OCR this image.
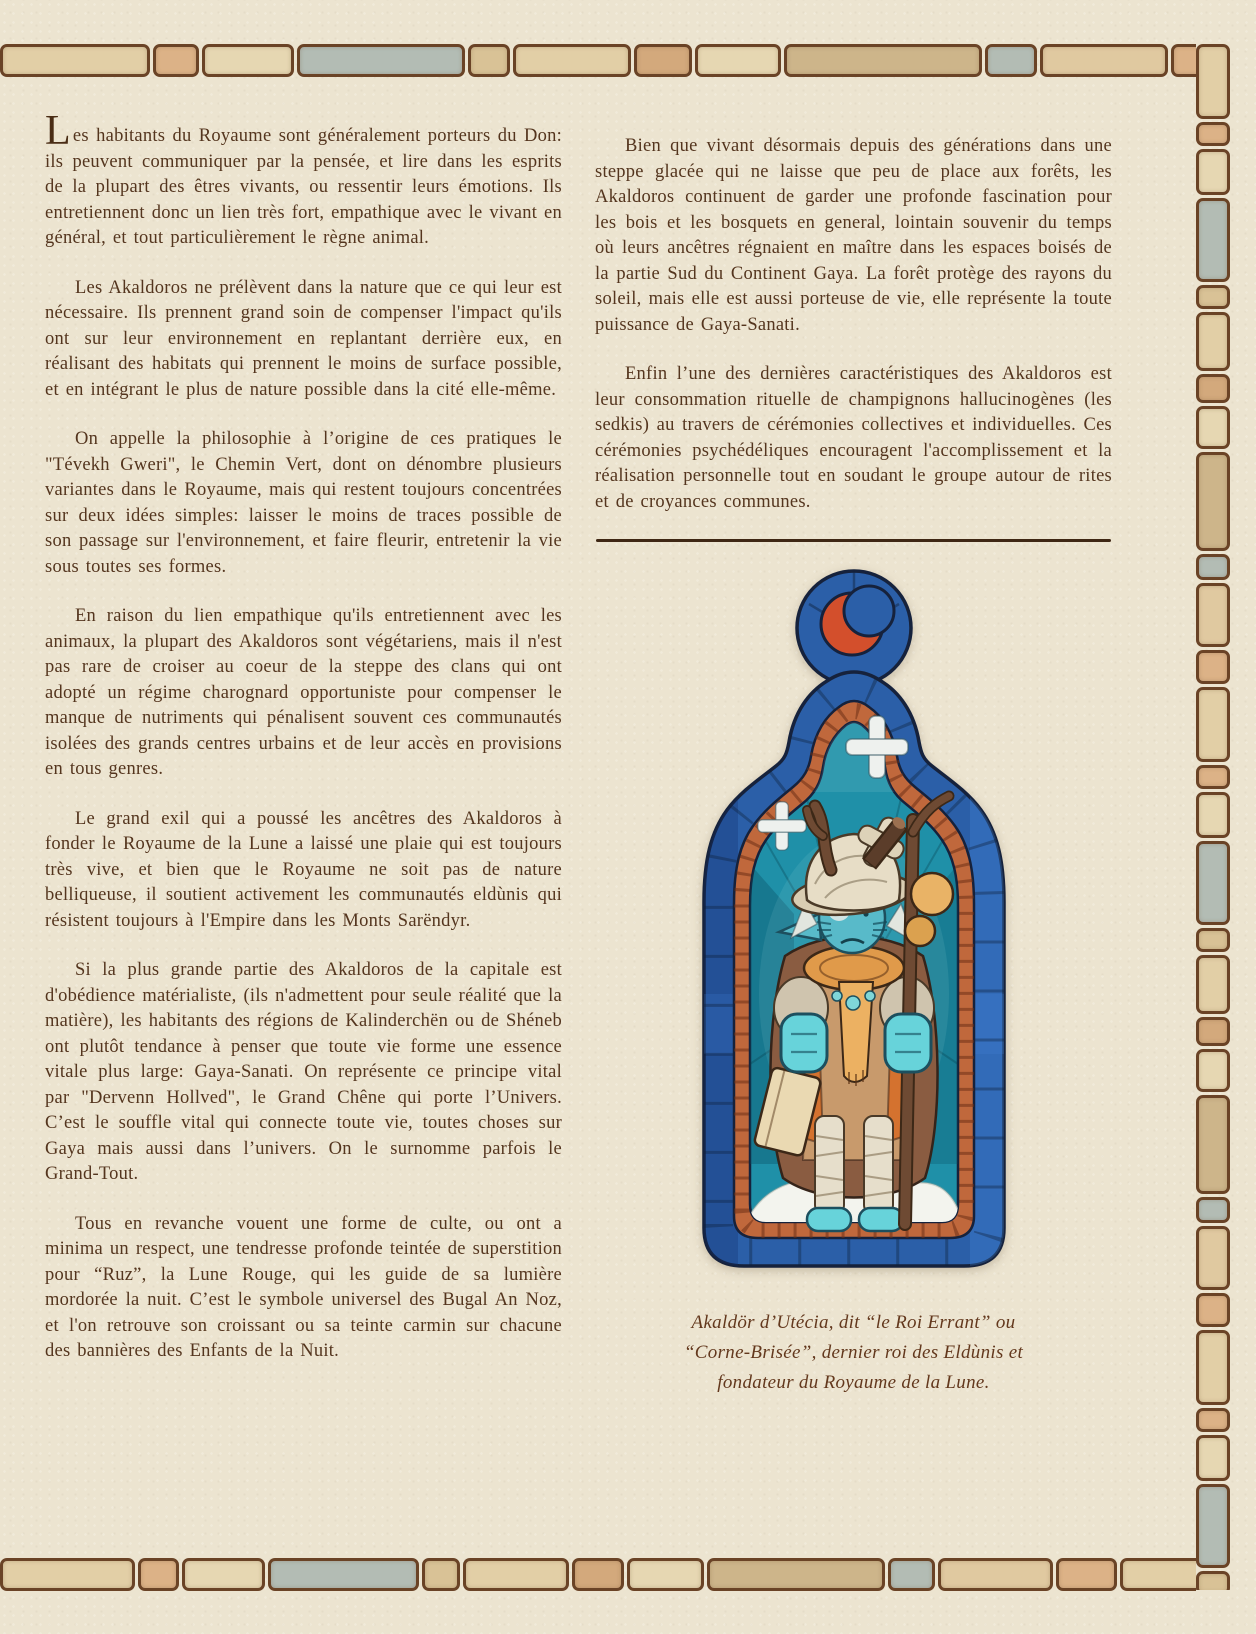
Les habitants du Royaume sont généralement porteurs du Don: ils peuvent communiquer par la pensée, et lire dans les esprits de la plupart des êtres vivants, ou ressentir leurs émotions. Ils entretiennent donc un lien très fort, empathique avec le vivant en général, et tout particulièrement le règne animal.

Les Akaldoros ne prélèvent dans la nature que ce qui leur est nécessaire. Ils prennent grand soin de compenser l'impact qu'ils ont sur leur environnement en replantant derrière eux, en réalisant des habitats qui prennent le moins de surface possible, et en intégrant le plus de nature possible dans la cité elle-même.

On appelle la philosophie à l’origine de ces pratiques le "Tévekh Gweri", le Chemin Vert, dont on dénombre plusieurs variantes dans le Royaume, mais qui restent toujours concentrées sur deux idées simples: laisser le moins de traces possible de son passage sur l'environnement, et faire fleurir, entretenir la vie sous toutes ses formes.

En raison du lien empathique qu'ils entretiennent avec les animaux, la plupart des Akaldoros sont végétariens, mais il n'est pas rare de croiser au coeur de la steppe des clans qui ont adopté un régime charognard opportuniste pour compenser le manque de nutriments qui pénalisent souvent ces communautés isolées des grands centres urbains et de leur accès en provisions en tous genres.

Le grand exil qui a poussé les ancêtres des Akaldoros à fonder le Royaume de la Lune a laissé une plaie qui est toujours très vive, et bien que le Royaume ne soit pas de nature belliqueuse, il soutient activement les communautés eldùnis qui résistent toujours à l'Empire dans les Monts Sarëndyr.

Si la plus grande partie des Akaldoros de la capitale est d'obédience matérialiste, (ils n'admettent pour seule réalité que la matière), les habitants des régions de Kalinderchën ou de Shéneb ont plutôt tendance à penser que toute vie forme une essence vitale plus large: Gaya-Sanati. On représente ce principe vital par "Dervenn Hollved", le Grand Chêne qui porte l’Univers. C’est le souffle vital qui connecte toute vie, toutes choses sur Gaya mais aussi dans l’univers. On le surnomme parfois le Grand-Tout.

Tous en revanche vouent une forme de culte, ou ont a minima un respect, une tendresse profonde teintée de superstition pour “Ruz”, la Lune Rouge, qui les guide de sa lumière mordorée la nuit. C’est le symbole universel des Bugal An Noz, et l'on retrouve son croissant ou sa teinte carmin sur chacune des bannières des Enfants de la Nuit.

Bien que vivant désormais depuis des générations dans une steppe glacée qui ne laisse que peu de place aux forêts, les Akaldoros continuent de garder une profonde fascination pour les bois et les bosquets en general, lointain souvenir du temps où leurs ancêtres régnaient en maître dans les espaces boisés de la partie Sud du Continent Gaya. La forêt protège des rayons du soleil, mais elle est aussi porteuse de vie, elle représente la toute puissance de Gaya-Sanati.

Enfin l’une des dernières caractéristiques des Akaldoros est leur consommation rituelle de champignons hallucinogènes (les sedkis) au travers de cérémonies collectives et individuelles. Ces cérémonies psychédéliques encouragent l'accomplissement et la réalisation personnelle tout en soudant le groupe autour de rites et de croyances communes.

Akaldör d’Utécia, dit “le Roi Errant” ou
“Corne-Brisée”, dernier roi des Eldùnis et
fondateur du Royaume de la Lune.
